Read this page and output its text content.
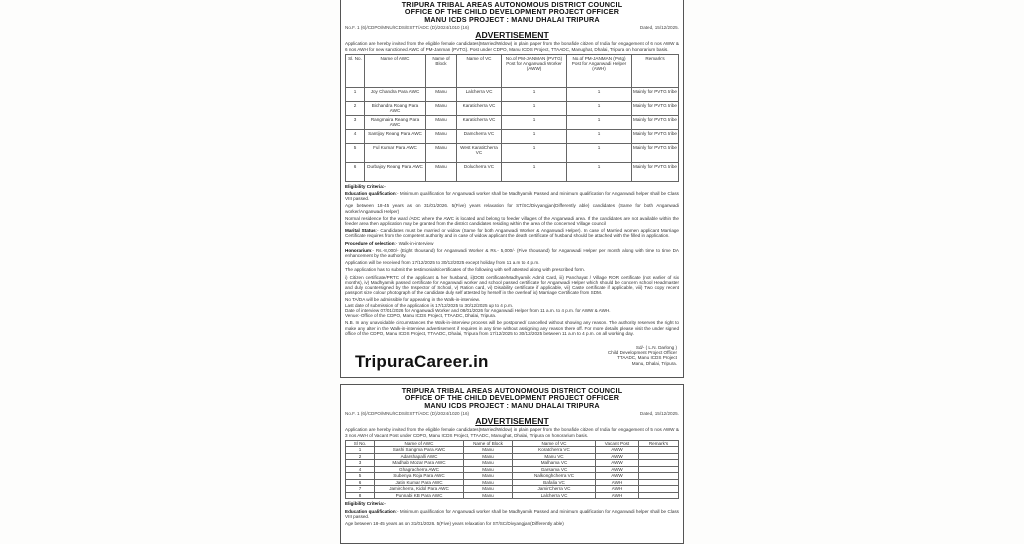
TRIPURA TRIBAL AREAS AUTONOMOUS DISTRICT COUNCIL
OFFICE OF THE CHILD DEVELOPMENT PROJECT OFFICER
MANU ICDS PROJECT : MANU DHALAI TRIPURA
No.F. 1 (6)/CDPO/MNU/ICDS/ESTT/ADC (D)/2024/1010 (16)	Dated, 15/12/2025.
ADVERTISEMENT
Application are hereby invited from the eligible female candidates(Married/Widow) in plain paper from the bonafide citizen of India for engagement of 6 nos AWW & 6 nos AWH for new sanctioned AWC of PM-Janman (PVTG). Post under CDPO, Manu ICDS Project, TTAADC, Manughat, Dhalai, Tripura on honorarium basis.
Sl. No.	Name of AWC	Name of Block	Name of VC	No.of PM-JANMAN (PVTG) Post for Anganwadi Worker (AWW)	No.of PM-JANMAN (Pvtg) Post for Anganwadi Helper (AWH)	Remark's
1	Joy Chandra Para AWC	Manu	Lalcherra VC	1	1	Mainly for PVTG tribe
2	Bichandra Roang Para AWC	Manu	Karaticherra VC	1	1	Mainly for PVTG tribe
3	Rangmaira Reang Para AWC	Manu	Karaticherra VC	1	1	Mainly for PVTG tribe
4	Santijoy Reang Para AWC	Manu	Damcherra VC	1	1	Mainly for PVTG tribe
5	Ful Kumar Para AWC	Manu	West KaratiCherra VC	1	1	Mainly for PVTG tribe
6	Durbajoy Reang Para AWC	Manu	Dolucherra VC	1	1	Mainly for PVTG tribe
Eligibility Criteria:-
Education qualification:- Minimum qualification for Anganwadi worker shall be Madhyamik Passed and minimum qualification for Anganwadi helper shall be Class VIII passed.
Age between 18-45 years as on 31/01/2026. 5(Five) years relaxation for ST/SC/Divyangjan(Differently able) candidates (Same for both Anganwadi worker/Anganwadi Helper)
Normal residence for the ward /ADC where the AWC is located and belong to feeder villages of the Anganwadi area. If the candidates are not available within the feeder area then application may be granted from the district candidates residing within the area of the concerned Village council
Marital Status:- Candidates must be married or widow (Same for both Anganwadi Worker & Anganwadi Helper). In case of Married women applicant Marriage Certificate requires from the competent authority and in case of widow applicant the death certificate of husband should be attached with the filled in application.
Procedure of selection:- Walk-in-interview
Honorarium:- Rs.-8,000/- (Eight thousand) for Anganwadi Worker & Rs.- 5,000/- (Five thousand) for Anganwadi Helper per month along with time to time DA enhancement by the authority.
Application will be received from 17/12/2025 to 30/12/2025 except holiday from 11 a.m to 4 p.m.
The application has to submit the testimonials/certificates of the following with self attested along with prescribed form.
i) Citizen certificate/PRTC of the applicant & her husband, ii)DOB certificate/Madhyamik Admit Card, iii) Panchayat / Village ROR certificate (not earlier of six months), iv) Madhyamik passed certificate for Anganwadi worker and school passed certificate for Anganwadi Helper which should be concern school Headmaster and duly countersigned by the Inspector of School, v) Ration card, vi) Disability certificate if applicable, vii) Caste certificate if applicable, viii) Two copy recent passport size colour photograph of the candidate duly self attested by herself in the overleaf ix) Marriage Certificate from SDM.
No TA/DA will be admissible for appearing in the Walk-in-interview.
Last date of submission of the application is 17/12/2025 to 30/12/2025 up to 4 p.m.
Date of interview 07/01/2026 for Anganwadi Worker and 08/01/2026 for Anganwadi Helper from 11 a.m. to 4 p.m. for AWW & AWH.
Venue:-Office of the CDPO, Manu ICDS Project, TTAADC, Dhalai, Tripura.
N.B. In any unavoidable circumstances the Walk-in-interview process will be postponed/ cancelled without showing any reason. The authority reserves the right to make any alter in the Walk-in-interview advertisement if requires in any time without assigning any reason there off. For more details please visit the under signed office of the CDPO, Manu ICDS Project, TTAADC, Dhalai, Tripura from 17/12/2025 to 30/12/2025 between 11 a.m to 4 p.m. on all working day.
Sd/- ( L.N. Darlong )
Child Development Project Officer
TTAADC, Manu ICDS Project
Manu, Dhalai, Tripura.
TripuraCareer.in
TRIPURA TRIBAL AREAS AUTONOMOUS DISTRICT COUNCIL
OFFICE OF THE CHILD DEVELOPMENT PROJECT OFFICER
MANU ICDS PROJECT : MANU DHALAI TRIPURA
No.F. 1 (6)/CDPO/MNU/ICDS/ESTT/ADC (D)/2024/1020 (16)	Dated, 15/12/2025.
ADVERTISEMENT
Application are hereby invited from the eligible female candidates(Married/Widow) in plain paper from the bonafide citizen of India for engagement of 5 nos AWW & 3 nos AWH of Vacant Post under CDPO, Manu ICDS Project, TTAADC, Manughat, Dhalai, Tripura on honorarium basis.
Sl No.	Name of AWC	Name of Block	Name of VC	Vacant Post	Remark's
1	Sashi Sangma Para AWC	Manu	Koratcherra VC	AWW	
2	Adarshapalli AWC	Manu	Manu VC	AWW	
3	Madhab Mozar Para AWC	Manu	Malhama VC	AWW	
4	Ghagracherra AWC	Manu	Garsama VC	AWW	
5	Subenya Roja Para AWC	Manu	Nalkonghcherra VC	AWW	
6	Jatin Kumar Para AWC	Manu	Bafalia VC	AWH	
7	Jamircherra, Kidol Para AWC	Manu	JamirCherra VC	AWH	
8	Punnabi KB Para AWC	Manu	Lalcherra VC	AWH	
Eligibility Criteria:-
Education qualification:- Minimum qualification for Anganwadi worker shall be Madhyamik Passed and minimum qualification for Anganwadi helper shall be Class VIII passed.
Age between 18-45 years as on 31/01/2026. 5(Five) years relaxation for ST/SC/Divyangjan(Differently able)
